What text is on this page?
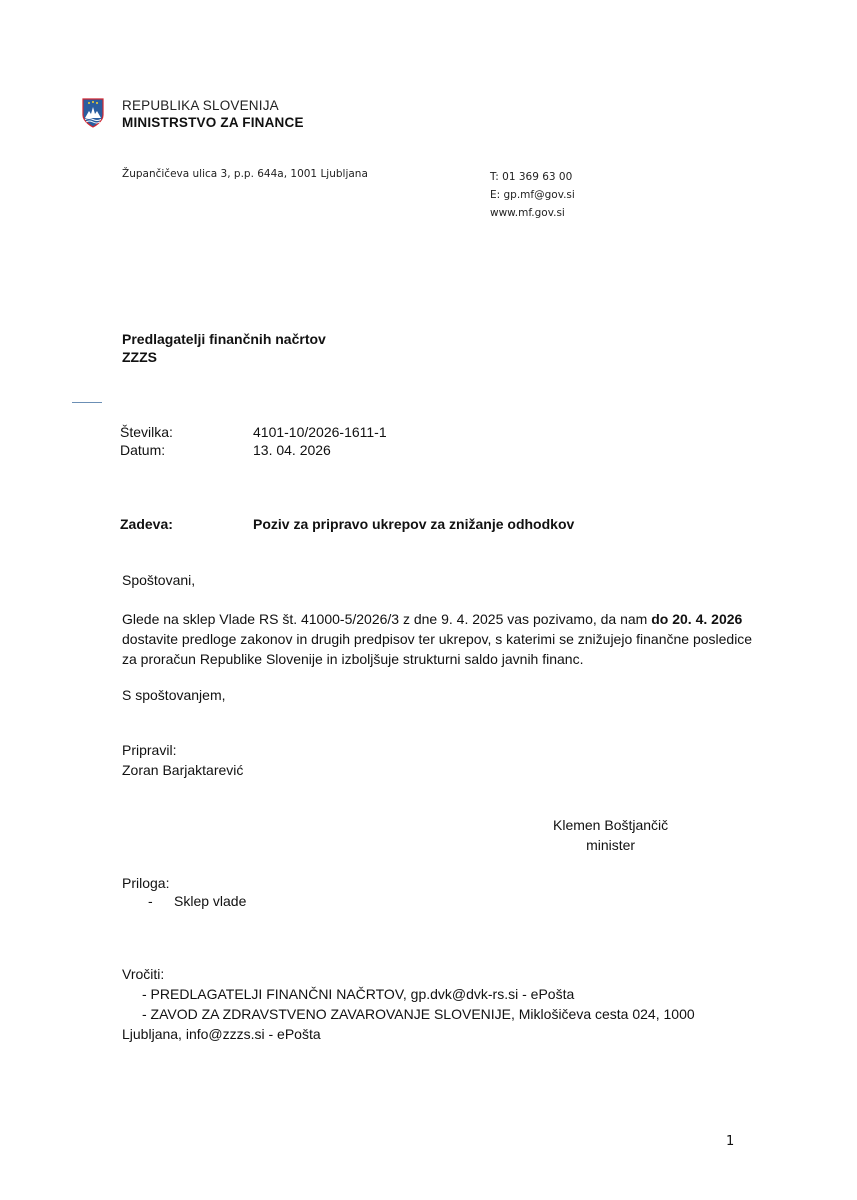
REPUBLIKA SLOVENIJA
MINISTRSTVO ZA FINANCE
Župančičeva ulica 3, p.p. 644a, 1001 Ljubljana	T: 01 369 63 00
E: gp.mf@gov.si
www.mf.gov.si
Predlagatelji finančnih načrtov
ZZZS
Številka:	4101-10/2026-1611-1
Datum:	13. 04. 2026
Zadeva:	Poziv za pripravo ukrepov za znižanje odhodkov
Spoštovani,
Glede na sklep Vlade RS št. 41000-5/2026/3 z dne 9. 4. 2025 vas pozivamo, da nam do 20. 4. 2026 dostavite predloge zakonov in drugih predpisov ter ukrepov, s katerimi se znižujejo finančne posledice za proračun Republike Slovenije in izboljšuje strukturni saldo javnih financ.
S spoštovanjem,
Pripravil:
Zoran Barjaktarević
Klemen Boštjančič
minister
Priloga:
- Sklep vlade
Vročiti:
- PREDLAGATELJI FINANČNI NAČRTOV, gp.dvk@dvk-rs.si - ePošta
- ZAVOD ZA ZDRAVSTVENO ZAVAROVANJE SLOVENIJE, Miklošičeva cesta 024, 1000
Ljubljana, info@zzzs.si - ePošta
1
